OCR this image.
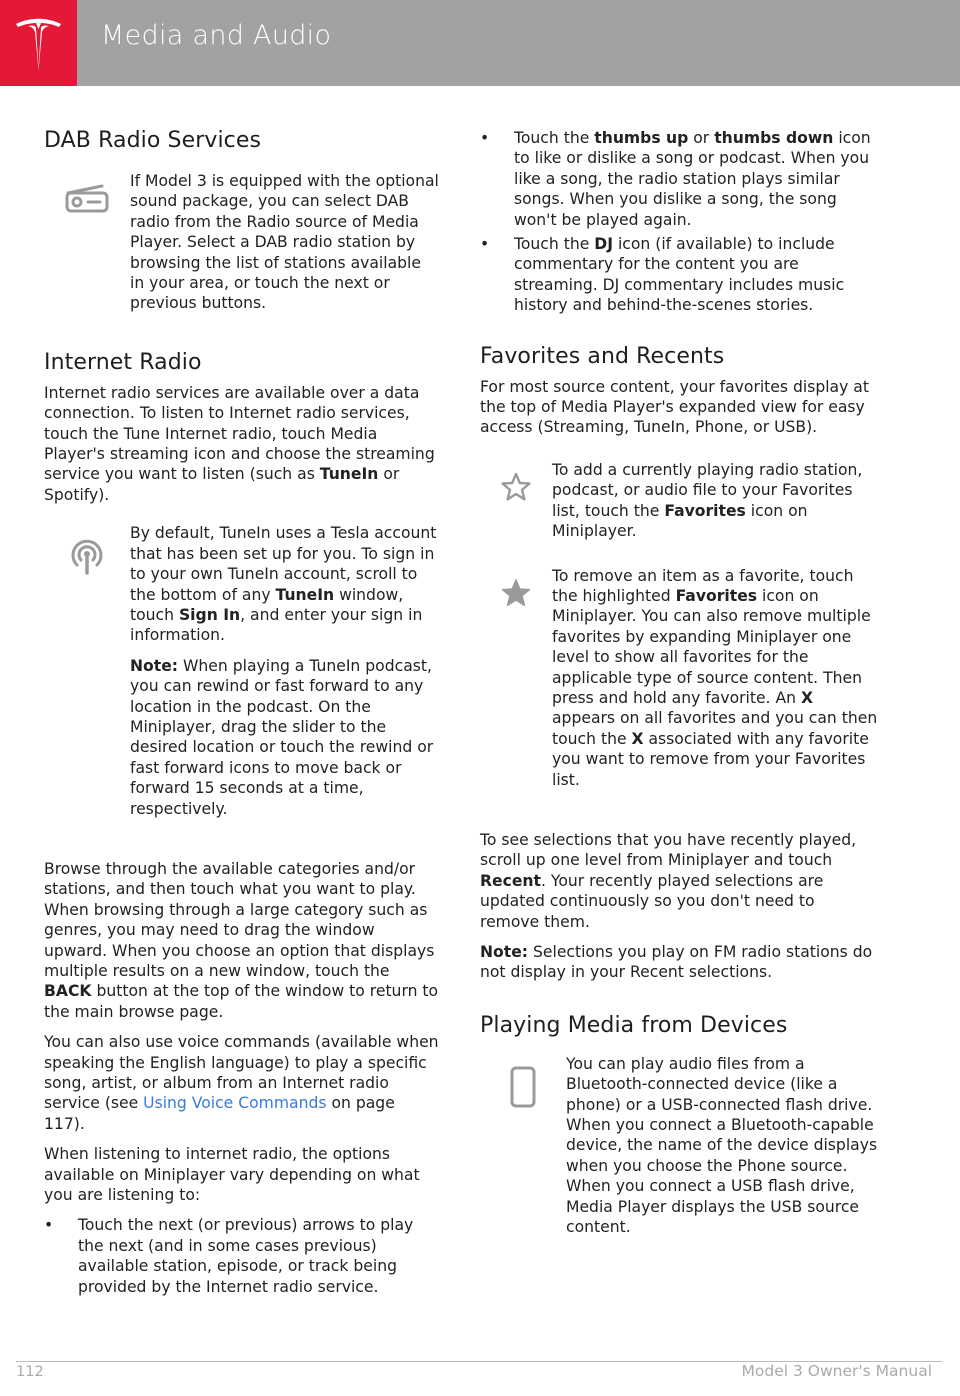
Media and Audio
DAB Radio Services

If Model 3 is equipped with the optional sound package, you can select DAB radio from the Radio source of Media Player. Select a DAB radio station by browsing the list of stations available in your area, or touch the next or previous buttons.

Internet Radio

Internet radio services are available over a data connection. To listen to Internet radio services, touch the Tune Internet radio, touch Media Player's streaming icon and choose the streaming service you want to listen (such as TuneIn or Spotify).

By default, TuneIn uses a Tesla account that has been set up for you. To sign in to your own TuneIn account, scroll to the bottom of any TuneIn window, touch Sign In, and enter your sign in information.

Note: When playing a TuneIn podcast, you can rewind or fast forward to any location in the podcast. On the Miniplayer, drag the slider to the desired location or touch the rewind or fast forward icons to move back or forward 15 seconds at a time, respectively.

Browse through the available categories and/or stations, and then touch what you want to play. When browsing through a large category such as genres, you may need to drag the window upward. When you choose an option that displays multiple results on a new window, touch the BACK button at the top of the window to return to the main browse page.

You can also use voice commands (available when speaking the English language) to play a specific song, artist, or album from an Internet radio service (see Using Voice Commands on page 117).

When listening to internet radio, the options available on Miniplayer vary depending on what you are listening to:

• Touch the next (or previous) arrows to play the next (and in some cases previous) available station, episode, or track being provided by the Internet radio service.
• Touch the thumbs up or thumbs down icon to like or dislike a song or podcast. When you like a song, the radio station plays similar songs. When you dislike a song, the song won't be played again.
• Touch the DJ icon (if available) to include commentary for the content you are streaming. DJ commentary includes music history and behind-the-scenes stories.
Favorites and Recents

For most source content, your favorites display at the top of Media Player's expanded view for easy access (Streaming, TuneIn, Phone, or USB).

To add a currently playing radio station, podcast, or audio file to your Favorites list, touch the Favorites icon on Miniplayer.

To remove an item as a favorite, touch the highlighted Favorites icon on Miniplayer. You can also remove multiple favorites by expanding Miniplayer one level to show all favorites for the applicable type of source content. Then press and hold any favorite. An X appears on all favorites and you can then touch the X associated with any favorite you want to remove from your Favorites list.

To see selections that you have recently played, scroll up one level from Miniplayer and touch Recent. Your recently played selections are updated continuously so you don't need to remove them.

Note: Selections you play on FM radio stations do not display in your Recent selections.

Playing Media from Devices

You can play audio files from a Bluetooth-connected device (like a phone) or a USB-connected flash drive. When you connect a Bluetooth-capable device, the name of the device displays when you choose the Phone source. When you connect a USB flash drive, Media Player displays the USB source content.

112	Model 3 Owner's Manual
